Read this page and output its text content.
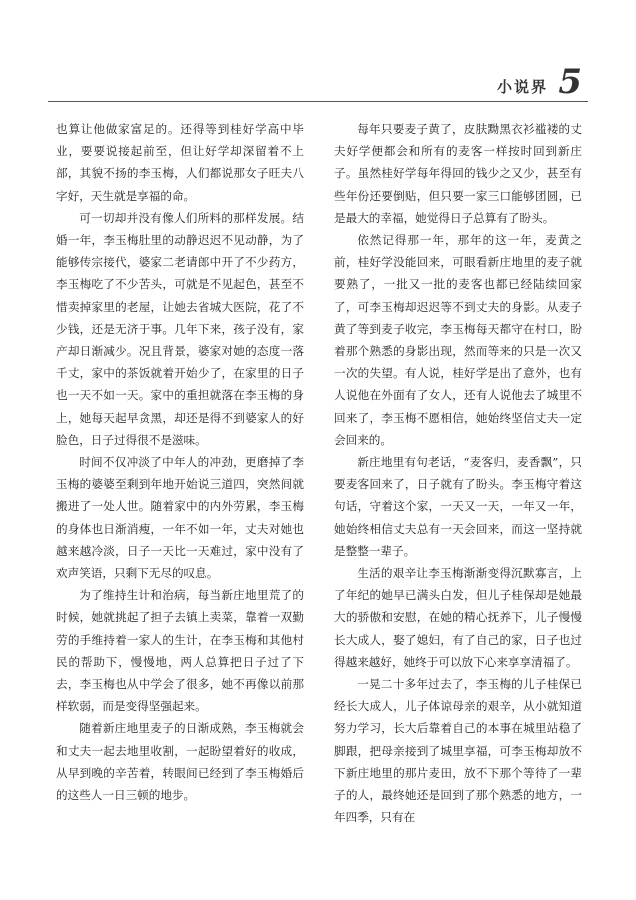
小说界 5

也算让他做家富足的。还得等到桂好学高中毕业，要要说接起前至，但让好学却深留着不上部，其貌不扬的李玉梅，人们都说那女子旺夫八字好，天生就是享福的命。

可一切却并没有像人们所料的那样发展。结婚一年，李玉梅肚里的动静迟迟不见动静，为了能够传宗接代，婆家二老请郎中开了不少药方，李玉梅吃了不少苦头，可就是不见起色，甚至不惜卖掉家里的老屋，让她去省城大医院，花了不少钱，还是无济于事。几年下来，孩子没有，家产却日渐减少。况且背景，婆家对她的态度一落千丈，家中的茶饭就着开始少了，在家里的日子也一天不如一天。家中的重担就落在李玉梅的身上，她每天起早贪黑，却还是得不到婆家人的好脸色，日子过得很不是滋味。

时间不仅冲淡了中年人的冲劲，更磨掉了李玉梅的婆婆至剩到年地开始说三道四，突然间就搬进了一处人世。随着家中的内外劳累，李玉梅的身体也日渐消瘦，一年不如一年，丈夫对她也越来越冷淡，日子一天比一天难过，家中没有了欢声笑语，只剩下无尽的叹息。

为了维持生计和治病，每当新庄地里荒了的时候，她就挑起了担子去镇上卖菜，靠着一双勤劳的手维持着一家人的生计，在李玉梅和其他村民的帮助下，慢慢地，两人总算把日子过了下去，李玉梅也从中学会了很多，她不再像以前那样软弱，而是变得坚强起来。

随着新庄地里麦子的日渐成熟，李玉梅就会和丈夫一起去地里收割，一起盼望着好的收成，从早到晚的辛苦着，转眼间已经到了李玉梅婚后的这些人一日三顿的地步。

每年只要麦子黄了，皮肤黝黑衣衫褴褛的丈夫好学便都会和所有的麦客一样按时回到新庄子。虽然桂好学每年得回的钱少之又少，甚至有些年份还要倒贴，但只要一家三口能够团圆，已是最大的幸福，她觉得日子总算有了盼头。

依然记得那一年，那年的这一年，麦黄之前，桂好学没能回来，可眼看新庄地里的麦子就要熟了，一批又一批的麦客也都已经陆续回家了，可李玉梅却迟迟等不到丈夫的身影。从麦子黄了等到麦子收完，李玉梅每天都守在村口，盼着那个熟悉的身影出现，然而等来的只是一次又一次的失望。有人说，桂好学是出了意外，也有人说他在外面有了女人，还有人说他去了城里不回来了，李玉梅不愿相信，她始终坚信丈夫一定会回来的。

新庄地里有句老话，“麦客归，麦香飘”，只要麦客回来了，日子就有了盼头。李玉梅守着这句话，守着这个家，一天又一天，一年又一年，她始终相信丈夫总有一天会回来，而这一坚持就是整整一辈子。

生活的艰辛让李玉梅渐渐变得沉默寡言，上了年纪的她早已满头白发，但儿子桂保却是她最大的骄傲和安慰，在她的精心抚养下，儿子慢慢长大成人，娶了媳妇，有了自己的家，日子也过得越来越好，她终于可以放下心来享享清福了。

一晃二十多年过去了，李玉梅的儿子桂保已经长大成人，儿子体谅母亲的艰辛，从小就知道努力学习，长大后靠着自己的本事在城里站稳了脚跟，把母亲接到了城里享福，可李玉梅却放不下新庄地里的那片麦田，放不下那个等待了一辈子的人，最终她还是回到了那个熟悉的地方，一年四季，只有在
